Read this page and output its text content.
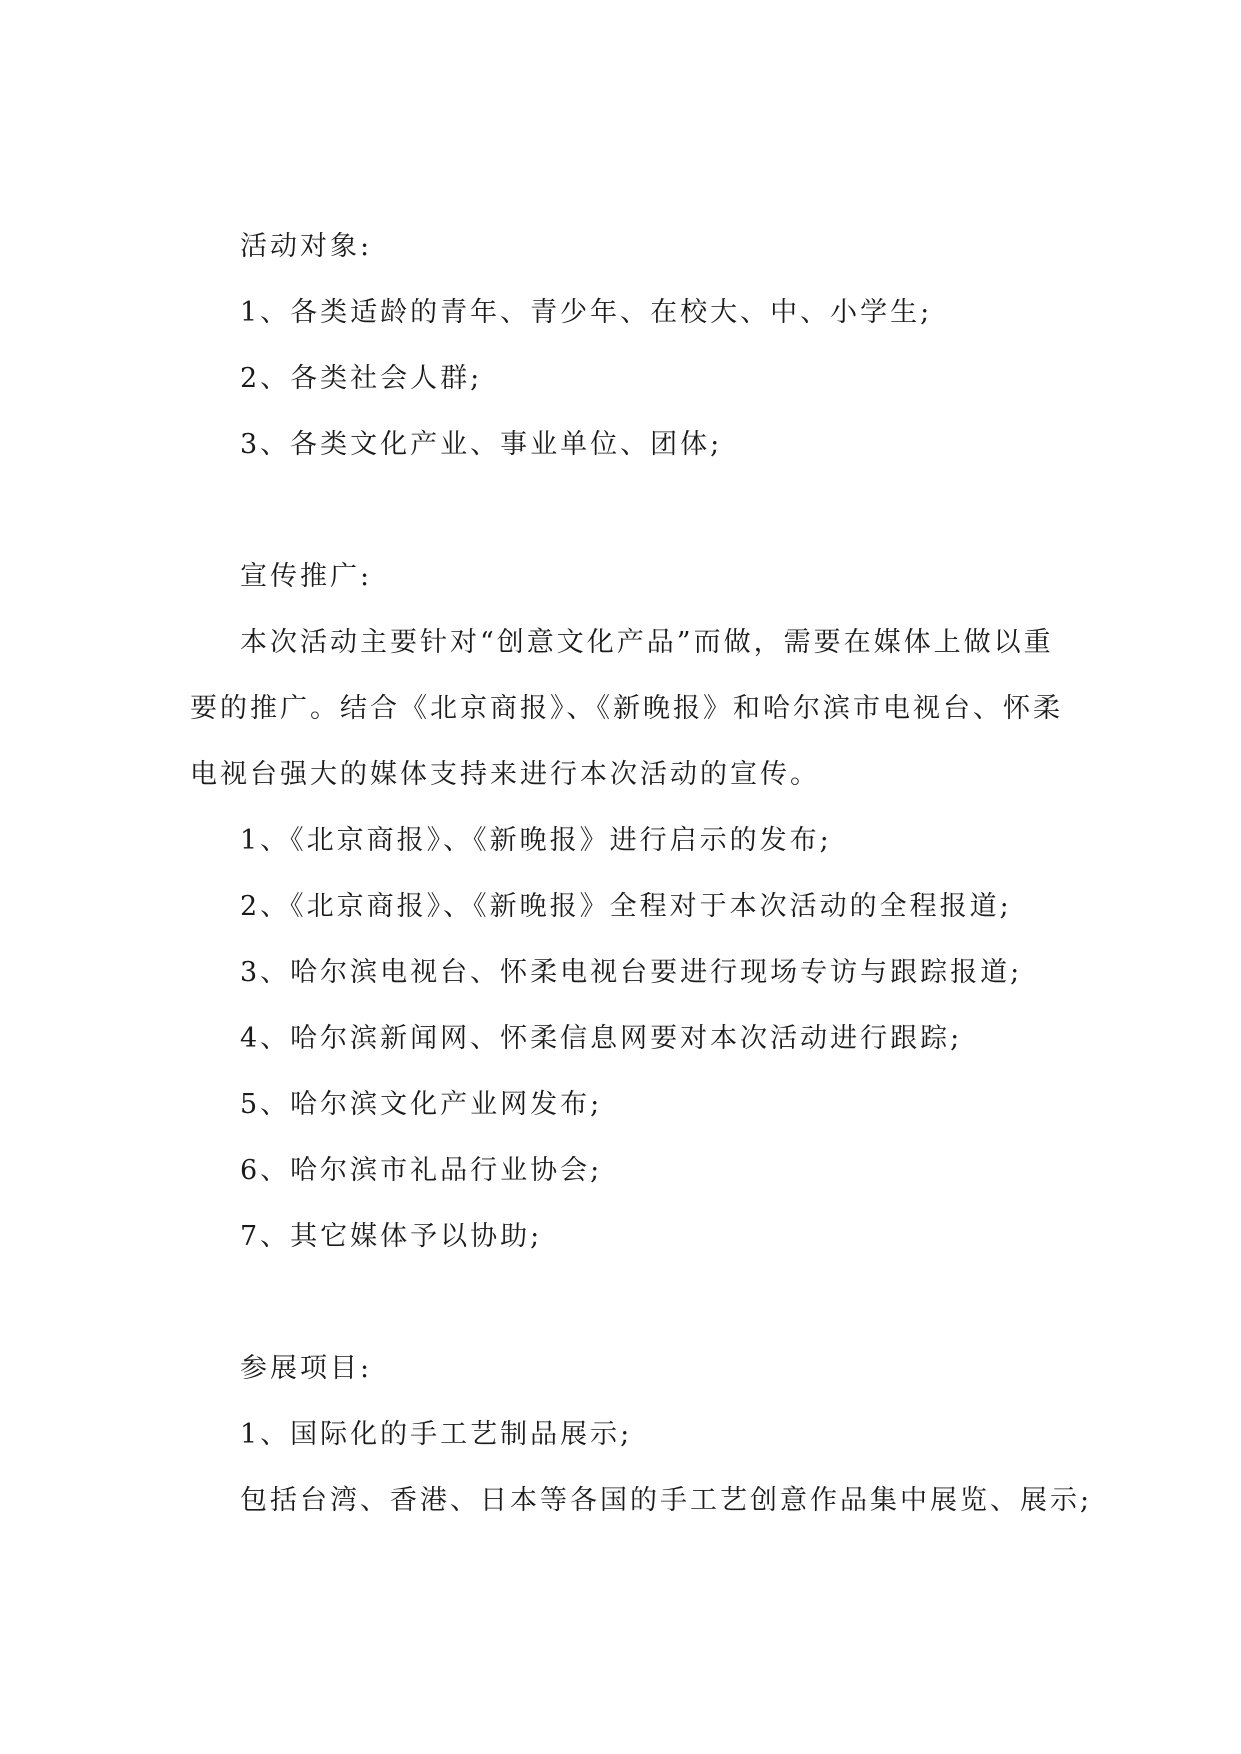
活动对象:
1、各类适龄的青年、青少年、在校大、中、小学生;
2、各类社会人群;
3、各类文化产业、事业单位、团体;
宣传推广:
本次活动主要针对“创意文化产品”而做，需要在媒体上做以重
要的推广。结合《北京商报》、《新晚报》和哈尔滨市电视台、怀柔
电视台强大的媒体支持来进行本次活动的宣传。
1、《北京商报》、《新晚报》进行启示的发布;
2、《北京商报》、《新晚报》全程对于本次活动的全程报道;
3、哈尔滨电视台、怀柔电视台要进行现场专访与跟踪报道;
4、哈尔滨新闻网、怀柔信息网要对本次活动进行跟踪;
5、哈尔滨文化产业网发布;
6、哈尔滨市礼品行业协会;
7、其它媒体予以协助;
参展项目:
1、国际化的手工艺制品展示;
包括台湾、香港、日本等各国的手工艺创意作品集中展览、展示;
